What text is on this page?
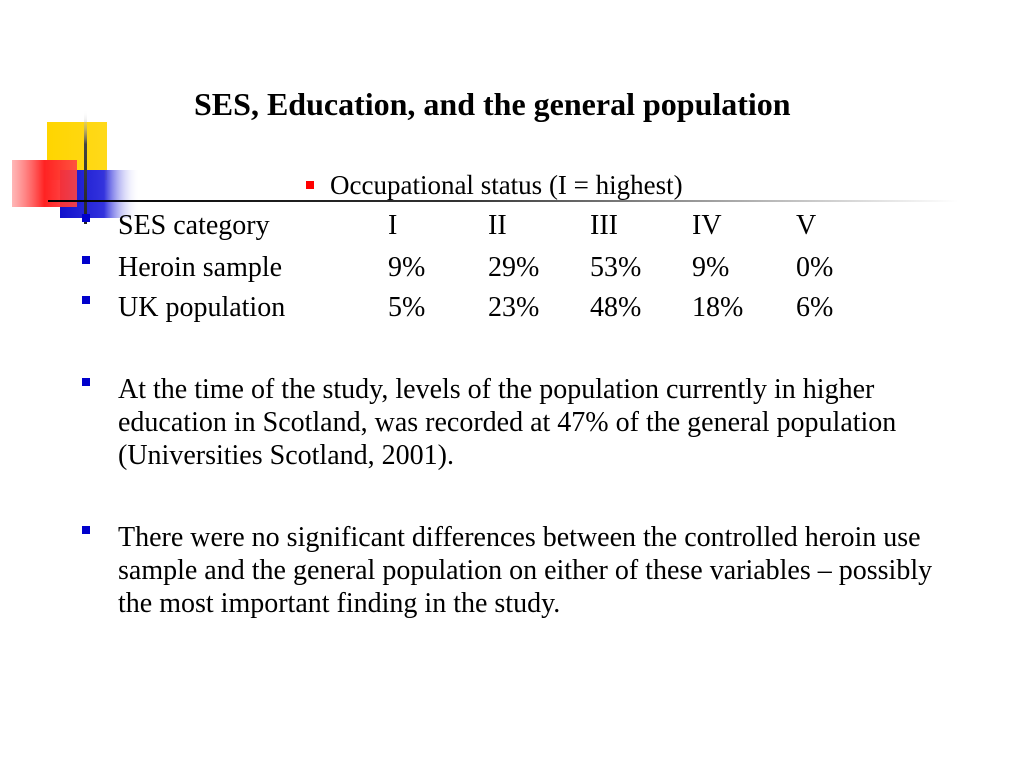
SES, Education, and the general population
Occupational status (I = highest)
SES category	I	II	III	IV	V
Heroin sample	9% 29% 53% 9% 0%
UK population	5% 23% 48% 18% 6%
At the time of the study, levels of the population currently in higher education in Scotland, was recorded at 47% of the general population (Universities Scotland, 2001).
There were no significant differences between the controlled heroin use sample and the general population on either of these variables – possibly the most important finding in the study.
